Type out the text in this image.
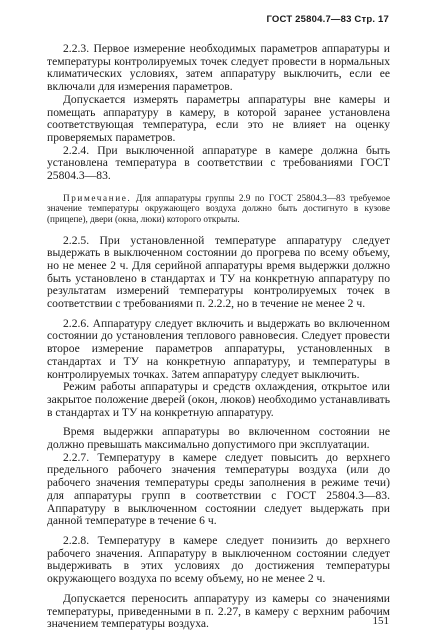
ГОСТ 25804.7—83 Стр. 17

2.2.3. Первое измерение необходимых параметров аппаратуры и температуры контролируемых точек следует провести в нормальных климатических условиях, затем аппаратуру выключить, если ее включали для измерения параметров.

Допускается измерять параметры аппаратуры вне камеры и помещать аппаратуру в камеру, в которой заранее установлена соответствующая температура, если это не влияет на оценку проверяемых параметров.

2.2.4. При выключенной аппаратуре в камере должна быть установлена температура в соответствии с требованиями ГОСТ 25804.3—83.

Примечание. Для аппаратуры группы 2.9 по ГОСТ 25804.3—83 требуемое значение температуры окружающего воздуха должно быть достигнуто в кузове (прицепе), двери (окна, люки) которого открыты.

2.2.5. При установленной температуре аппаратуру следует выдержать в выключенном состоянии до прогрева по всему объему, но не менее 2 ч. Для серийной аппаратуры время выдержки должно быть установлено в стандартах и ТУ на конкретную аппаратуру по результатам измерений температуры контролируемых точек в соответствии с требованиями п. 2.2.2, но в течение не менее 2 ч.

2.2.6. Аппаратуру следует включить и выдержать во включенном состоянии до установления теплового равновесия. Следует провести второе измерение параметров аппаратуры, установленных в стандартах и ТУ на конкретную аппаратуру, и температуры в контролируемых точках. Затем аппаратуру следует выключить.

Режим работы аппаратуры и средств охлаждения, открытое или закрытое положение дверей (окон, люков) необходимо устанавливать в стандартах и ТУ на конкретную аппаратуру.

Время выдержки аппаратуры во включенном состоянии не должно превышать максимально допустимого при эксплуатации.

2.2.7. Температуру в камере следует повысить до верхнего предельного рабочего значения температуры воздуха (или до рабочего значения температуры среды заполнения в режиме течи) для аппаратуры групп в соответствии с ГОСТ 25804.3—83. Аппаратуру в выключенном состоянии следует выдержать при данной температуре в течение 6 ч.

2.2.8. Температуру в камере следует понизить до верхнего рабочего значения. Аппаратуру в выключенном состоянии следует выдерживать в этих условиях до достижения температуры окружающего воздуха по всему объему, но не менее 2 ч.

Допускается переносить аппаратуру из камеры со значениями температуры, приведенными в п. 2.27, в камеру с верхним рабочим значением температуры воздуха.	151
